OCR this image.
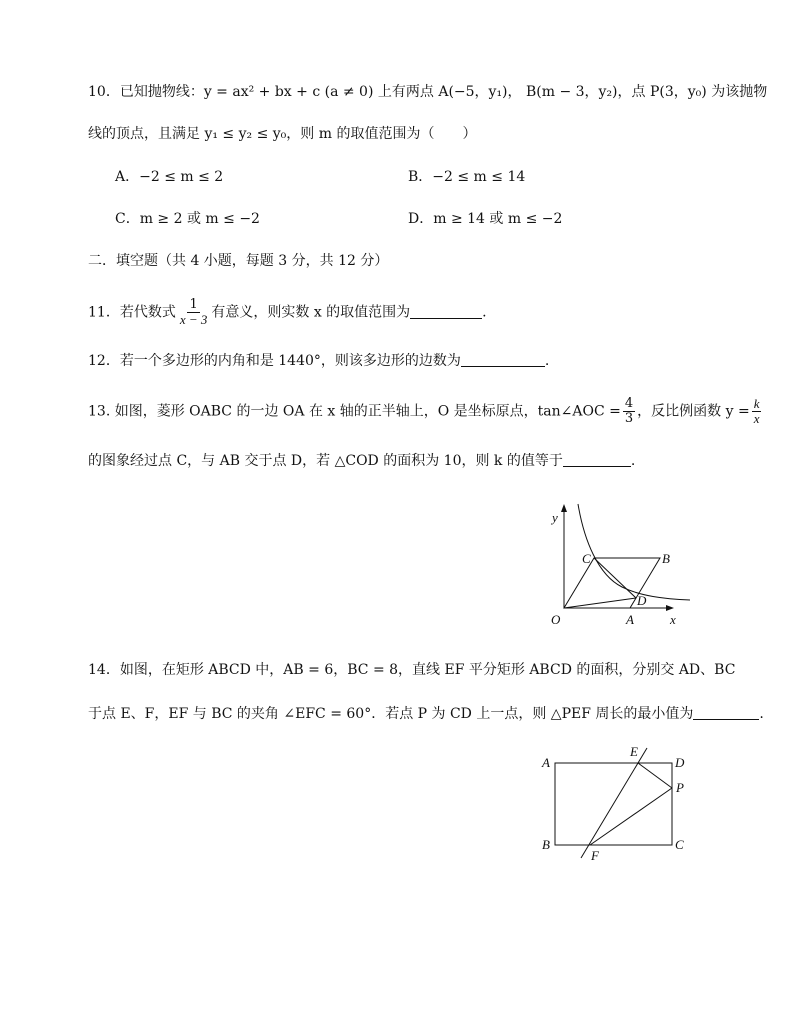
10．已知抛物线：y = ax² + bx + c (a ≠ 0) 上有两点 A(−5，y₁)， B(m − 3，y₂)，点 P(3，y₀) 为该抛物
线的顶点，且满足 y₁ ≤ y₂ ≤ y₀，则 m 的取值范围为（　　）
A．−2 ≤ m ≤ 2	B．−2 ≤ m ≤ 14
C．m ≥ 2 或 m ≤ −2	D．m ≥ 14 或 m ≤ −2
二．填空题（共 4 小题，每题 3 分，共 12 分）
11．若代数式 $\frac{1}{x - 3}$ 有意义，则实数 x 的取值范围为	.
12．若一个多边形的内角和是 1440°，则该多边形的边数为	.
13. 如图，菱形 OABC 的一边 OA 在 x 轴的正半轴上，O 是坐标原点，tan∠AOC = $\frac{4}{3}$ ，反比例函数 $y = \frac{k}{x}$
的图象经过点 C，与 AB 交于点 D，若 △COD 的面积为 10，则 k 的值等于	.
y
x
O	A
B
C
D
14．如图，在矩形 ABCD 中，AB = 6，BC = 8，直线 EF 平分矩形 ABCD 的面积，分别交 AD、BC
于点 E、F，EF 与 BC 的夹角 ∠EFC = 60°．若点 P 为 CD 上一点，则 △PEF 周长的最小值为	.
A
B	C
D
E
F
P
